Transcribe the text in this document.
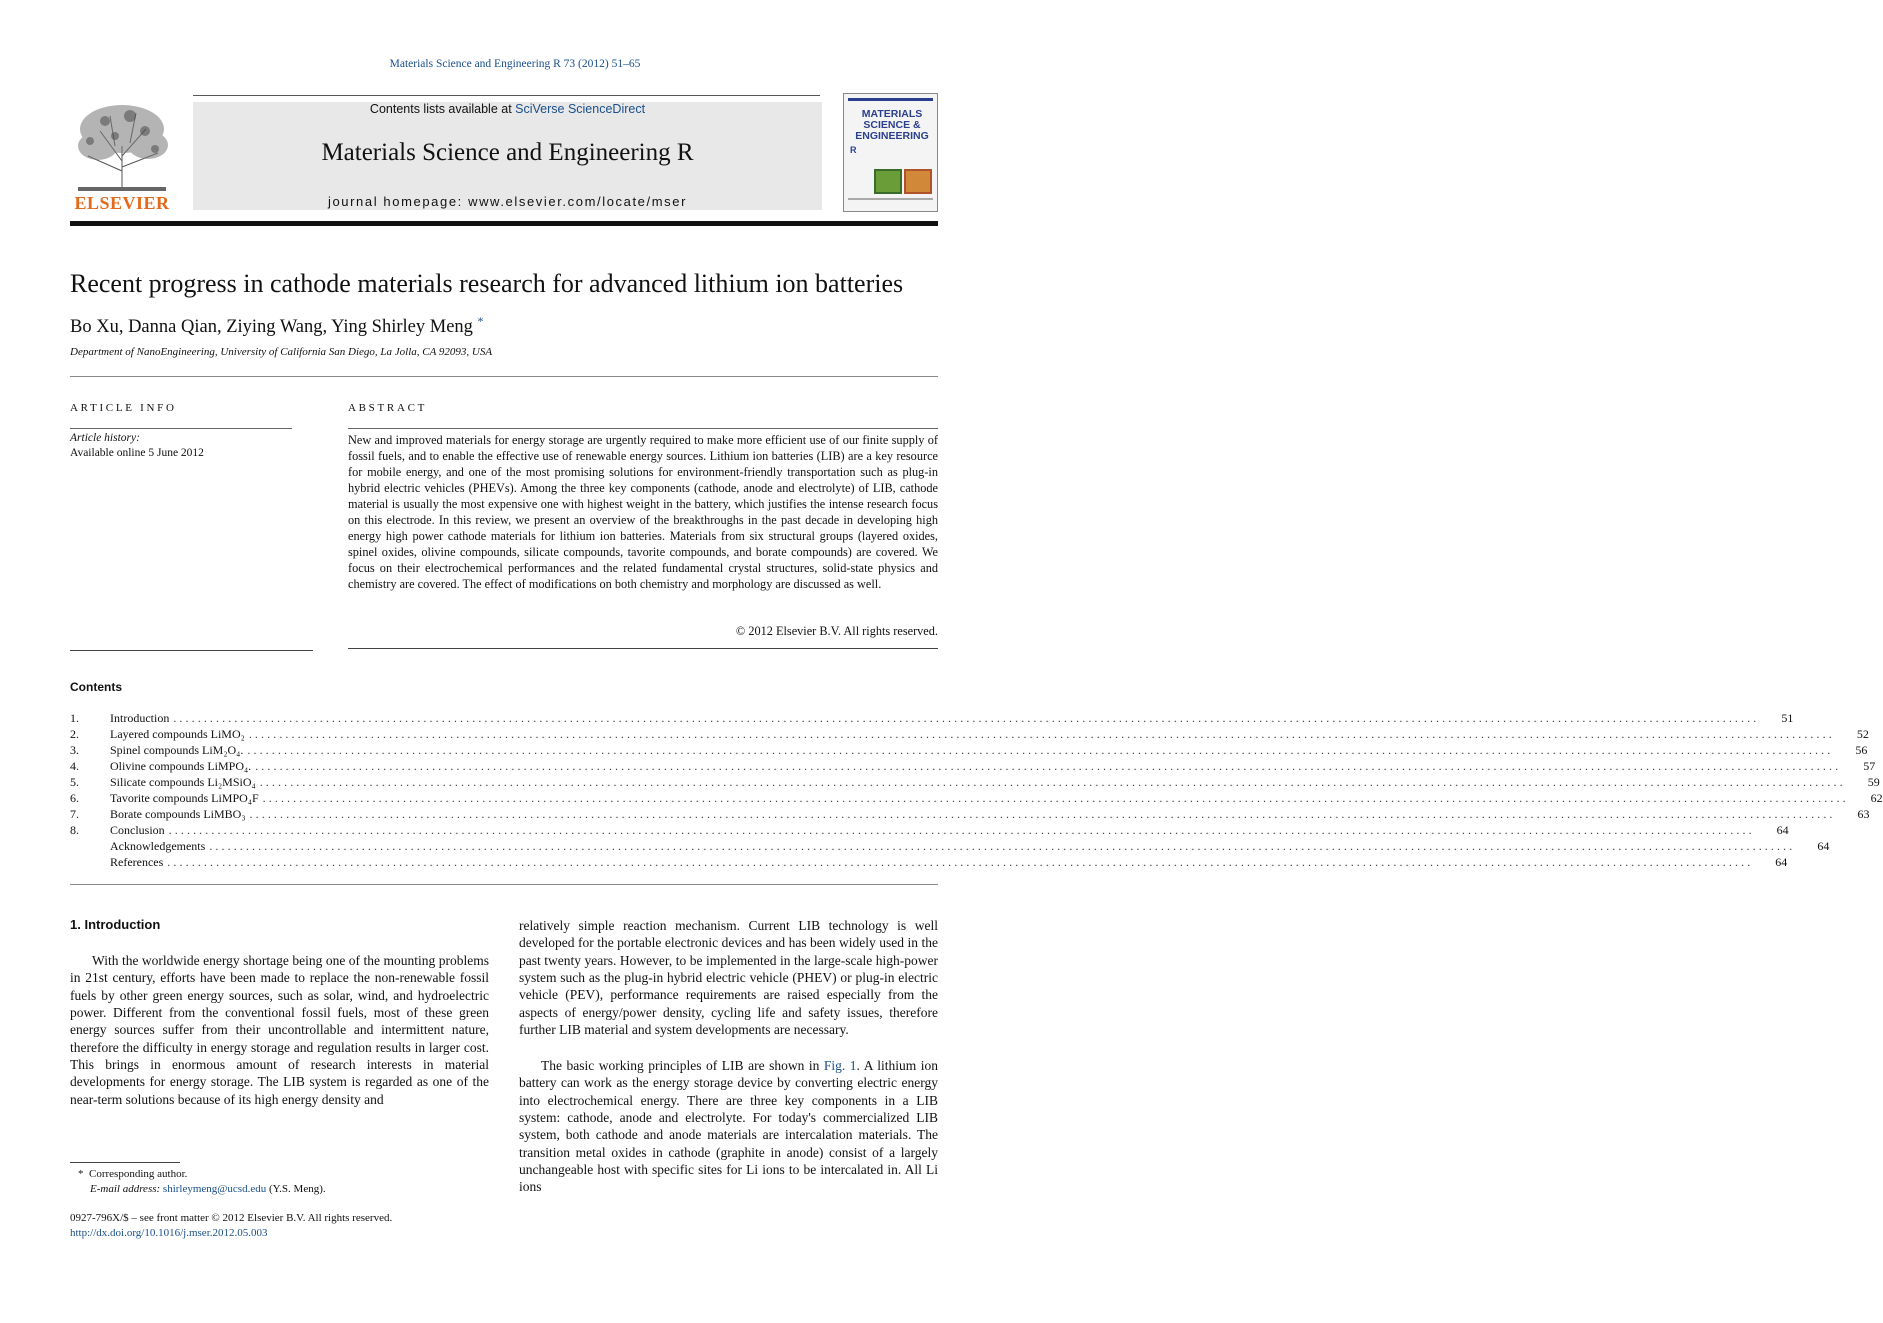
Materials Science and Engineering R 73 (2012) 51–65
ELSEVIER
Contents lists available at SciVerse ScienceDirect
Materials Science and Engineering R
journal homepage: www.elsevier.com/locate/mser
MATERIALS SCIENCE & ENGINEERING
R
Recent progress in cathode materials research for advanced lithium ion batteries
Bo Xu, Danna Qian, Ziying Wang, Ying Shirley Meng *
Department of NanoEngineering, University of California San Diego, La Jolla, CA 92093, USA
ARTICLE INFO
Article history:
Available online 5 June 2012
ABSTRACT
New and improved materials for energy storage are urgently required to make more efficient use of our finite supply of fossil fuels, and to enable the effective use of renewable energy sources. Lithium ion batteries (LIB) are a key resource for mobile energy, and one of the most promising solutions for environment-friendly transportation such as plug-in hybrid electric vehicles (PHEVs). Among the three key components (cathode, anode and electrolyte) of LIB, cathode material is usually the most expensive one with highest weight in the battery, which justifies the intense research focus on this electrode. In this review, we present an overview of the breakthroughs in the past decade in developing high energy high power cathode materials for lithium ion batteries. Materials from six structural groups (layered oxides, spinel oxides, olivine compounds, silicate compounds, tavorite compounds, and borate compounds) are covered. We focus on their electrochemical performances and the related fundamental crystal structures, solid-state physics and chemistry are covered. The effect of modifications on both chemistry and morphology are discussed as well.
© 2012 Elsevier B.V. All rights reserved.
Contents
1.	Introduction ....................................................................................................................................................................................................................................................................	51
2.	Layered compounds LiMO₂ ....................................................................................................................................................................................................................................................................	52
3.	Spinel compounds LiM₂O₄. ....................................................................................................................................................................................................................................................................	56
4.	Olivine compounds LiMPO₄. ....................................................................................................................................................................................................................................................................	57
5.	Silicate compounds Li₂MSiO₄ ....................................................................................................................................................................................................................................................................	59
6.	Tavorite compounds LiMPO₄F ....................................................................................................................................................................................................................................................................	62
7.	Borate compounds LiMBO₃ ....................................................................................................................................................................................................................................................................	63
8.	Conclusion ....................................................................................................................................................................................................................................................................	64
Acknowledgements ....................................................................................................................................................................................................................................................................	64
References ....................................................................................................................................................................................................................................................................	64
1. Introduction

With the worldwide energy shortage being one of the mounting problems in 21st century, efforts have been made to replace the non-renewable fossil fuels by other green energy sources, such as solar, wind, and hydroelectric power. Different from the conventional fossil fuels, most of these green energy sources suffer from their uncontrollable and intermittent nature, therefore the difficulty in energy storage and regulation results in larger cost. This brings in enormous amount of research interests in material developments for energy storage. The LIB system is regarded as one of the near-term solutions because of its high energy density and

relatively simple reaction mechanism. Current LIB technology is well developed for the portable electronic devices and has been widely used in the past twenty years. However, to be implemented in the large-scale high-power system such as the plug-in hybrid electric vehicle (PHEV) or plug-in electric vehicle (PEV), performance requirements are raised especially from the aspects of energy/power density, cycling life and safety issues, therefore further LIB material and system developments are necessary.

The basic working principles of LIB are shown in Fig. 1. A lithium ion battery can work as the energy storage device by converting electric energy into electrochemical energy. There are three key components in a LIB system: cathode, anode and electrolyte. For today's commercialized LIB system, both cathode and anode materials are intercalation materials. The transition metal oxides in cathode (graphite in anode) consist of a largely unchangeable host with specific sites for Li ions to be intercalated in. All Li ions

* Corresponding author.
E-mail address: shirleymeng@ucsd.edu (Y.S. Meng).
0927-796X/$ – see front matter © 2012 Elsevier B.V. All rights reserved.
http://dx.doi.org/10.1016/j.mser.2012.05.003
